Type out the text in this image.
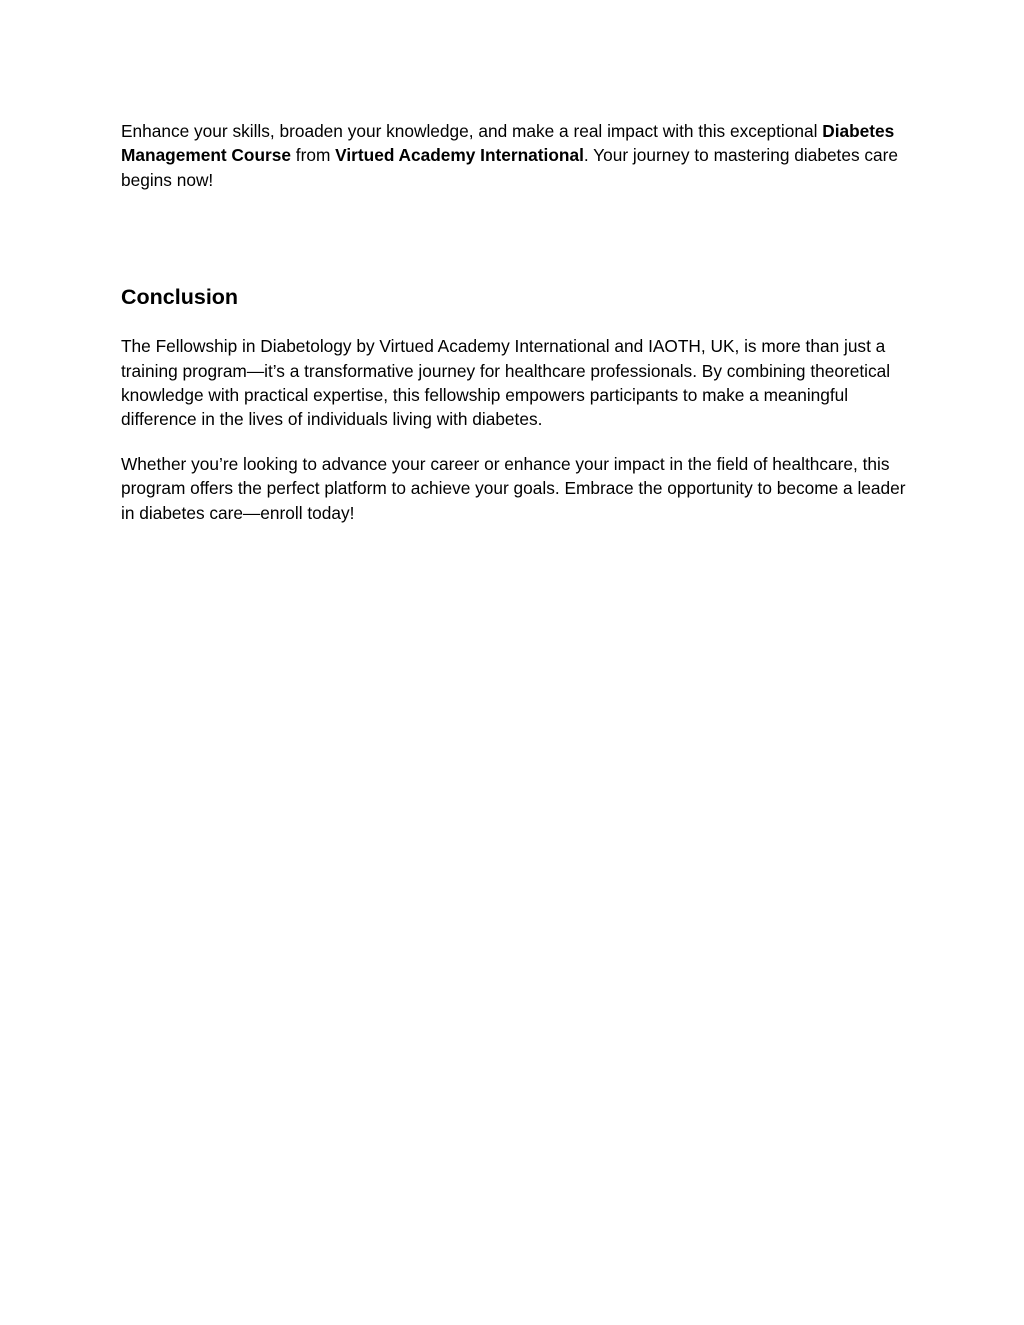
Enhance your skills, broaden your knowledge, and make a real impact with this exceptional Diabetes Management Course from Virtued Academy International. Your journey to mastering diabetes care begins now!

Conclusion

The Fellowship in Diabetology by Virtued Academy International and IAOTH, UK, is more than just a training program—it’s a transformative journey for healthcare professionals. By combining theoretical knowledge with practical expertise, this fellowship empowers participants to make a meaningful difference in the lives of individuals living with diabetes.

Whether you’re looking to advance your career or enhance your impact in the field of healthcare, this program offers the perfect platform to achieve your goals. Embrace the opportunity to become a leader in diabetes care—enroll today!
